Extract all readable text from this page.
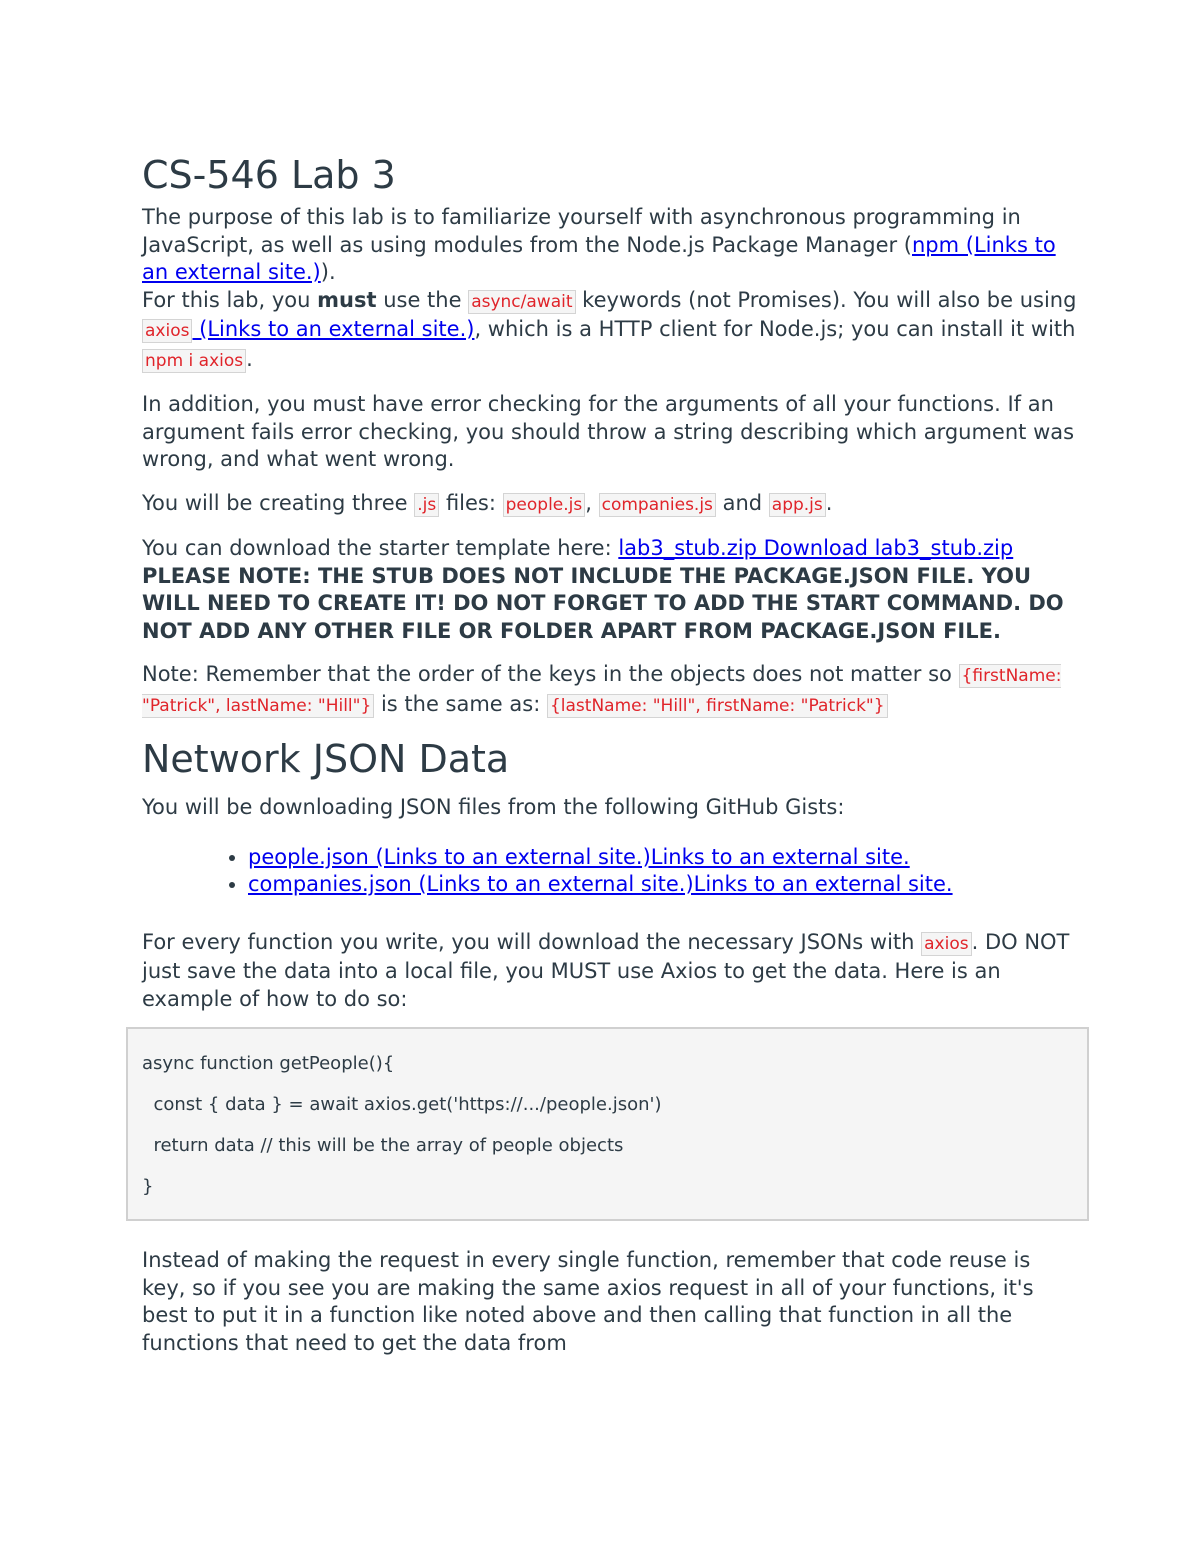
CS-546 Lab 3

The purpose of this lab is to familiarize yourself with asynchronous programming in JavaScript, as well as using modules from the Node.js Package Manager (npm (Links to an external site.)).

For this lab, you must use the async/await keywords (not Promises). You will also be using axios (Links to an external site.), which is a HTTP client for Node.js; you can install it with npm i axios .

In addition, you must have error checking for the arguments of all your functions. If an argument fails error checking, you should throw a string describing which argument was wrong, and what went wrong.

You will be creating three .js files: people.js , companies.js and app.js .

You can download the starter template here: lab3_stub.zip Download lab3_stub.zip PLEASE NOTE: THE STUB DOES NOT INCLUDE THE PACKAGE.JSON FILE. YOU WILL NEED TO CREATE IT! DO NOT FORGET TO ADD THE START COMMAND. DO NOT ADD ANY OTHER FILE OR FOLDER APART FROM PACKAGE.JSON FILE.

Note: Remember that the order of the keys in the objects does not matter so {firstName: "Patrick", lastName: "Hill"} is the same as: {lastName: "Hill", firstName: "Patrick"}

Network JSON Data

You will be downloading JSON files from the following GitHub Gists:

• people.json (Links to an external site.)Links to an external site.
• companies.json (Links to an external site.)Links to an external site.

For every function you write, you will download the necessary JSONs with axios . DO NOT just save the data into a local file, you MUST use Axios to get the data. Here is an example of how to do so:

async function getPeople(){
const { data } = await axios.get('https://.../people.json')
return data // this will be the array of people objects
}

Instead of making the request in every single function, remember that code reuse is key, so if you see you are making the same axios request in all of your functions, it's best to put it in a function like noted above and then calling that function in all the functions that need to get the data from
